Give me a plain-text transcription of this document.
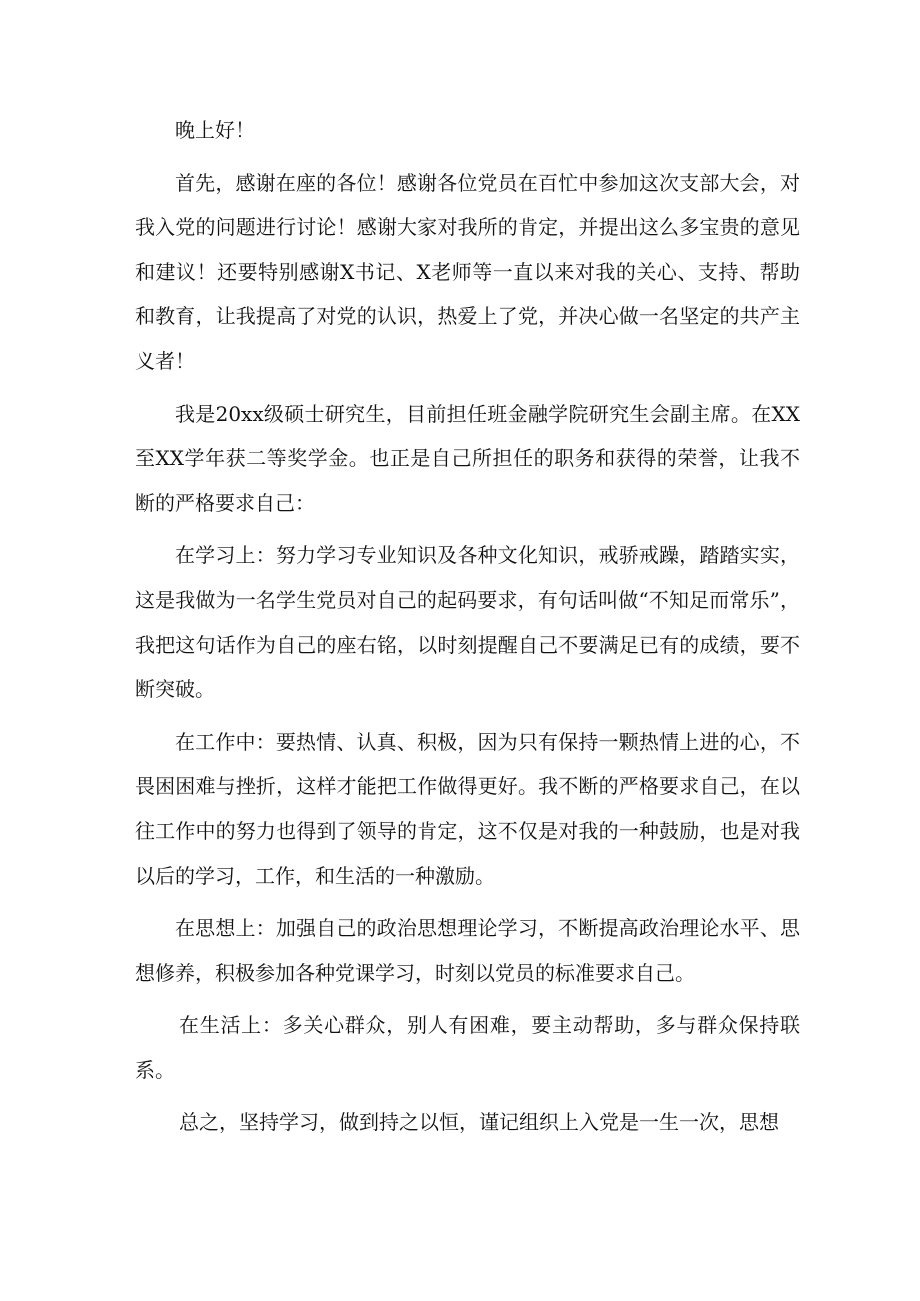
晚上好！

首先，感谢在座的各位！感谢各位党员在百忙中参加这次支部大会，对我入党的问题进行讨论！感谢大家对我所的肯定，并提出这么多宝贵的意见和建议！还要特别感谢X书记、X老师等一直以来对我的关心、支持、帮助和教育，让我提高了对党的认识，热爱上了党，并决心做一名坚定的共产主义者！

我是20xx级硕士研究生，目前担任班金融学院研究生会副主席。在XX至XX学年获二等奖学金。也正是自己所担任的职务和获得的荣誉，让我不断的严格要求自己：

在学习上：努力学习专业知识及各种文化知识，戒骄戒躁，踏踏实实，这是我做为一名学生党员对自己的起码要求，有句话叫做“不知足而常乐”，我把这句话作为自己的座右铭，以时刻提醒自己不要满足已有的成绩，要不断突破。

在工作中：要热情、认真、积极，因为只有保持一颗热情上进的心，不畏困困难与挫折，这样才能把工作做得更好。我不断的严格要求自己，在以往工作中的努力也得到了领导的肯定，这不仅是对我的一种鼓励，也是对我以后的学习，工作，和生活的一种激励。

在思想上：加强自己的政治思想理论学习，不断提高政治理论水平、思想修养，积极参加各种党课学习，时刻以党员的标准要求自己。

在生活上：多关心群众，别人有困难，要主动帮助，多与群众保持联系。

总之，坚持学习，做到持之以恒，谨记组织上入党是一生一次，思想
